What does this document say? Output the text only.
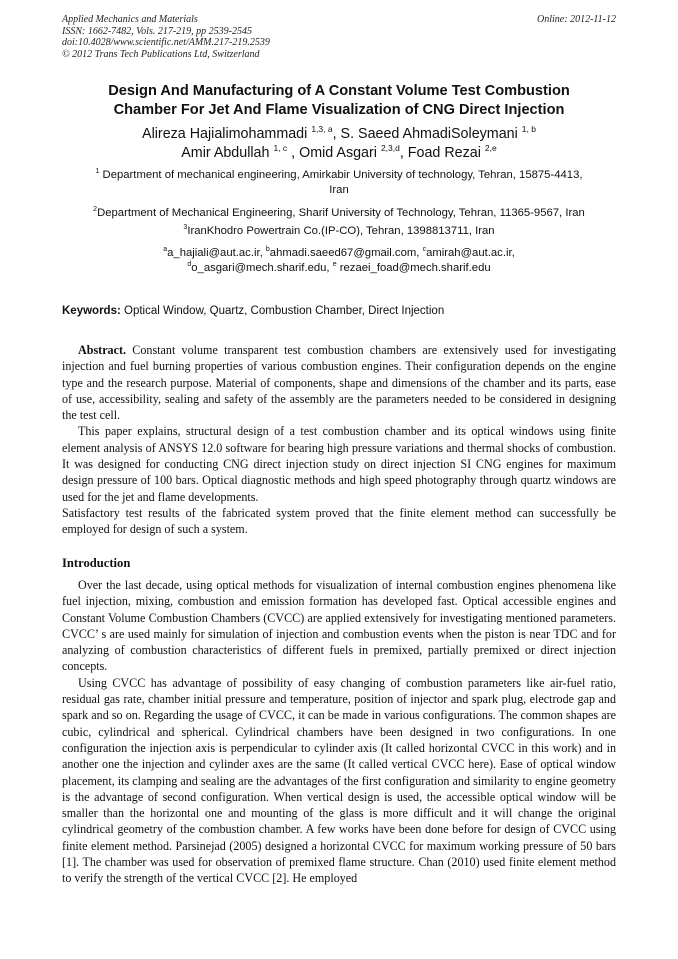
Applied Mechanics and Materials
ISSN: 1662-7482, Vols. 217-219, pp 2539-2545
doi:10.4028/www.scientific.net/AMM.217-219.2539
© 2012 Trans Tech Publications Ltd, Switzerland
Online: 2012-11-12
Design And Manufacturing of A Constant Volume Test Combustion
Chamber For Jet And Flame Visualization of CNG Direct Injection
Alireza Hajialimohammadi $^{1,3, a}$, S. Saeed AhmadiSoleymani $^{1, b}$
Amir Abdullah $^{1, c}$ , Omid Asgari $^{2,3,d}$, Foad Rezai $^{2,e}$
$^1$ Department of mechanical engineering, Amirkabir University of technology, Tehran, 15875-4413,
Iran
$^2$Department of Mechanical Engineering, Sharif University of Technology, Tehran, 11365-9567, Iran
$^3$IranKhodro Powertrain Co.(IP-CO), Tehran, 1398813711, Iran
$^a$a_hajiali@aut.ac.ir, $^b$ahmadi.saeed67@gmail.com, $^c$amirah@aut.ac.ir,
$^d$o_asgari@mech.sharif.edu, $^e$ rezaei_foad@mech.sharif.edu
Keywords: Optical Window, Quartz, Combustion Chamber, Direct Injection

Abstract. Constant volume transparent test combustion chambers are extensively used for investigating injection and fuel burning properties of various combustion engines. Their configuration depends on the engine type and the research purpose. Material of components, shape and dimensions of the chamber and its parts, ease of use, accessibility, sealing and safety of the assembly are the parameters needed to be considered in designing the test cell.

This paper explains, structural design of a test combustion chamber and its optical windows using finite element analysis of ANSYS 12.0 software for bearing high pressure variations and thermal shocks of combustion. It was designed for conducting CNG direct injection study on direct injection SI CNG engines for maximum design pressure of 100 bars. Optical diagnostic methods and high speed photography through quartz windows are used for the jet and flame developments.

Satisfactory test results of the fabricated system proved that the finite element method can successfully be employed for design of such a system.

Introduction

Over the last decade, using optical methods for visualization of internal combustion engines phenomena like fuel injection, mixing, combustion and emission formation has developed fast. Optical accessible engines and Constant Volume Combustion Chambers (CVCC) are applied extensively for investigating mentioned parameters. CVCC’ s are used mainly for simulation of injection and combustion events when the piston is near TDC and for analyzing of combustion characteristics of different fuels in premixed, partially premixed or direct injection concepts.

Using CVCC has advantage of possibility of easy changing of combustion parameters like air-fuel ratio, residual gas rate, chamber initial pressure and temperature, position of injector and spark plug, electrode gap and spark and so on. Regarding the usage of CVCC, it can be made in various configurations. The common shapes are cubic, cylindrical and spherical. Cylindrical chambers have been designed in two configurations. In one configuration the injection axis is perpendicular to cylinder axis (It called horizontal CVCC in this work) and in another one the injection and cylinder axes are the same (It called vertical CVCC here). Ease of optical window placement, its clamping and sealing are the advantages of the first configuration and similarity to engine geometry is the advantage of second configuration. When vertical design is used, the accessible optical window will be smaller than the horizontal one and mounting of the glass is more difficult and it will change the original cylindrical geometry of the combustion chamber. A few works have been done before for design of CVCC using finite element method. Parsinejad (2005) designed a horizontal CVCC for maximum working pressure of 50 bars [1]. The chamber was used for observation of premixed flame structure. Chan (2010) used finite element method to verify the strength of the vertical CVCC [2]. He employed
